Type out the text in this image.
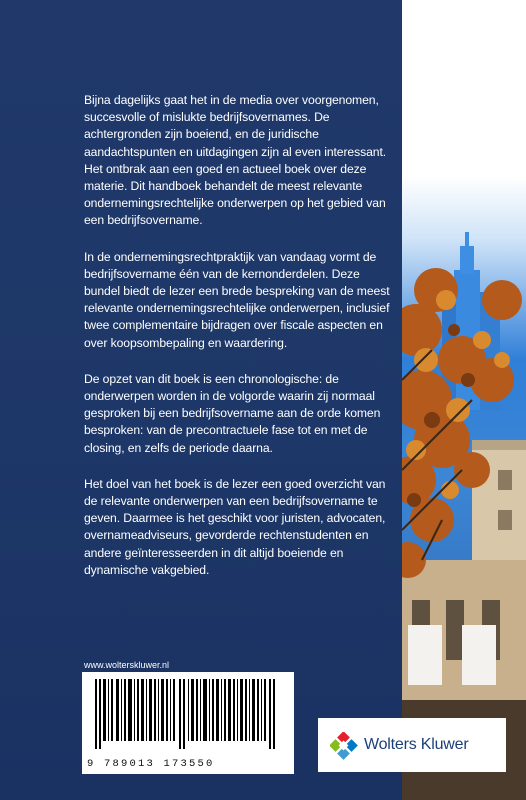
Bijna dagelijks gaat het in de media over voorgenomen, succesvolle of mislukte bedrijfsovernames. De achtergronden zijn boeiend, en de juridische aandachtspunten en uitdagingen zijn al even interessant. Het ontbrak aan een goed en actueel boek over deze materie. Dit handboek behandelt de meest relevante ondernemingsrechtelijke onderwerpen op het gebied van een bedrijfsovername.

In de ondernemingsrechtpraktijk van vandaag vormt de bedrijfsovername één van de kernonderdelen. Deze bundel biedt de lezer een brede bespreking van de meest relevante ondernemingsrechtelijke onderwerpen, inclusief twee complementaire bijdragen over fiscale aspecten en over koopsombepaling en waardering.

De opzet van dit boek is een chronologische: de onderwerpen worden in de volgorde waarin zij normaal gesproken bij een bedrijfsovername aan de orde komen besproken: van de precontractuele fase tot en met de closing, en zelfs de periode daarna.

Het doel van het boek is de lezer een goed overzicht van de relevante onderwerpen van een bedrijfsovername te geven. Daarmee is het geschikt voor juristen, advocaten, overnameadviseurs, gevorderde rechtenstudenten en andere geïnteresseerden in dit altijd boeiende en dynamische vakgebied.

www.wolterskluwer.nl
9 789013 173550
Wolters Kluwer
